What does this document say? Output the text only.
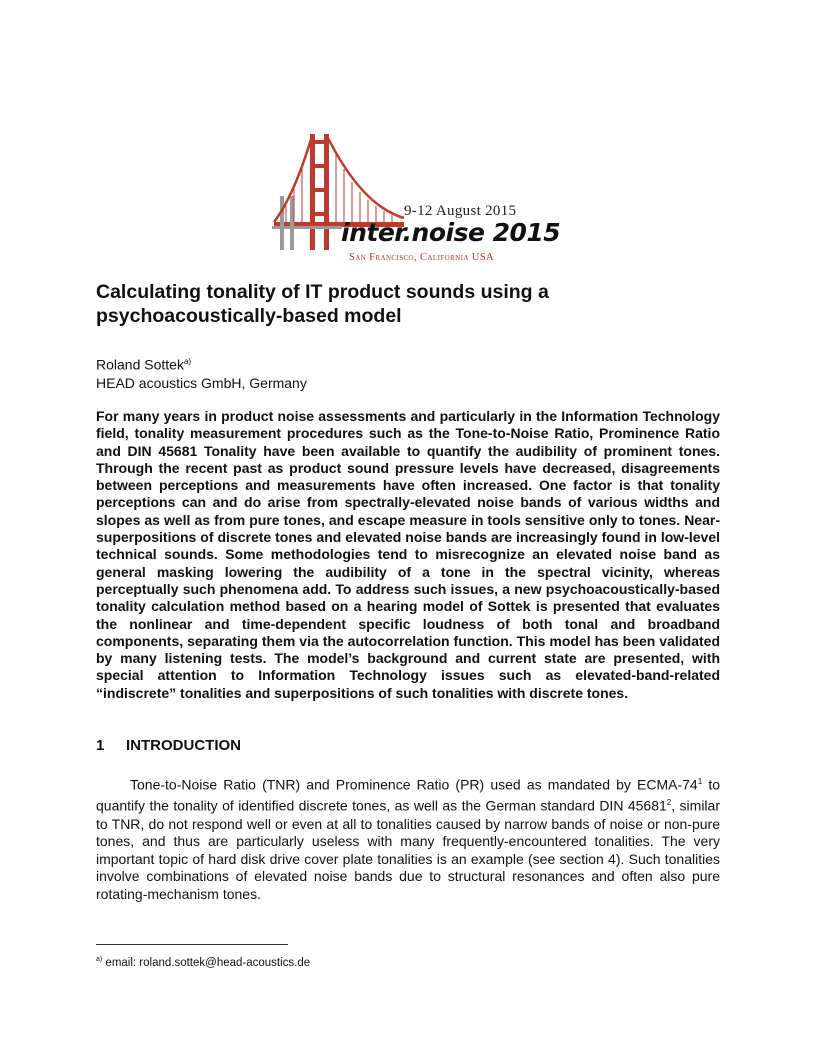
9-12 August 2015
inter.noise 2015
San Francisco, California USA
Calculating tonality of IT product sounds using a psychoacoustically-based model
Roland Sottek$^{a)}$
HEAD acoustics GmbH, Germany

For many years in product noise assessments and particularly in the Information Technology field, tonality measurement procedures such as the Tone-to-Noise Ratio, Prominence Ratio and DIN 45681 Tonality have been available to quantify the audibility of prominent tones. Through the recent past as product sound pressure levels have decreased, disagreements between perceptions and measurements have often increased. One factor is that tonality perceptions can and do arise from spectrally-elevated noise bands of various widths and slopes as well as from pure tones, and escape measure in tools sensitive only to tones. Near-superpositions of discrete tones and elevated noise bands are increasingly found in low-level technical sounds. Some methodologies tend to misrecognize an elevated noise band as general masking lowering the audibility of a tone in the spectral vicinity, whereas perceptually such phenomena add. To address such issues, a new psychoacoustically-based tonality calculation method based on a hearing model of Sottek is presented that evaluates the nonlinear and time-dependent specific loudness of both tonal and broadband components, separating them via the autocorrelation function. This model has been validated by many listening tests. The model’s background and current state are presented, with special attention to Information Technology issues such as elevated-band-related “indiscrete” tonalities and superpositions of such tonalities with discrete tones.

1 INTRODUCTION

Tone-to-Noise Ratio (TNR) and Prominence Ratio (PR) used as mandated by ECMA-$74^1$ to quantify the tonality of identified discrete tones, as well as the German standard DIN 45681$^2$, similar to TNR, do not respond well or even at all to tonalities caused by narrow bands of noise or non-pure tones, and thus are particularly useless with many frequently-encountered tonalities. The very important topic of hard disk drive cover plate tonalities is an example (see section 4). Such tonalities involve combinations of elevated noise bands due to structural resonances and often also pure rotating-mechanism tones.

$^{a)}$ email: roland.sottek@head-acoustics.de
